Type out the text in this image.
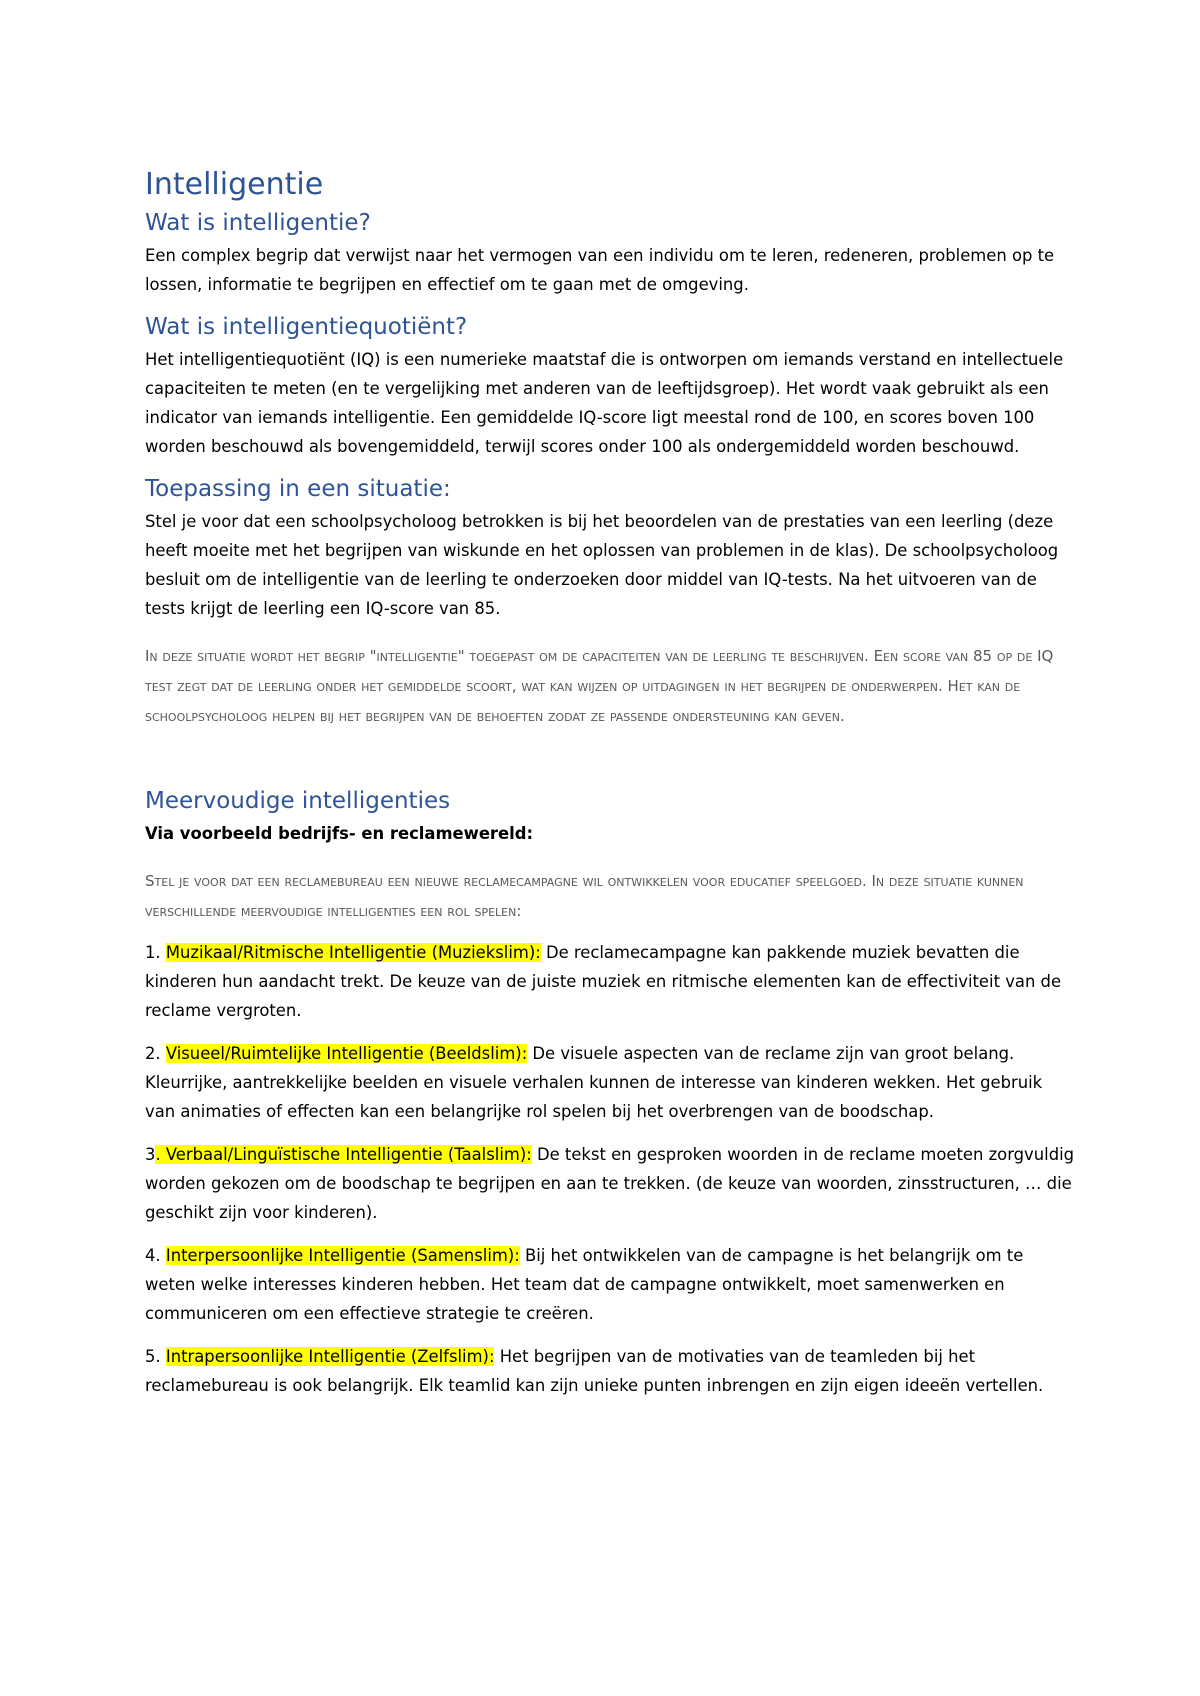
Intelligentie
Wat is intelligentie?

Een complex begrip dat verwijst naar het vermogen van een individu om te leren, redeneren, problemen op te lossen, informatie te begrijpen en effectief om te gaan met de omgeving.

Wat is intelligentiequotiënt?

Het intelligentiequotiënt (IQ) is een numerieke maatstaf die is ontworpen om iemands verstand en intellectuele capaciteiten te meten (en te vergelijking met anderen van de leeftijdsgroep). Het wordt vaak gebruikt als een indicator van iemands intelligentie. Een gemiddelde IQ-score ligt meestal rond de 100, en scores boven 100 worden beschouwd als bovengemiddeld, terwijl scores onder 100 als ondergemiddeld worden beschouwd.

Toepassing in een situatie:

Stel je voor dat een schoolpsycholoog betrokken is bij het beoordelen van de prestaties van een leerling (deze heeft moeite met het begrijpen van wiskunde en het oplossen van problemen in de klas). De schoolpsycholoog besluit om de intelligentie van de leerling te onderzoeken door middel van IQ-tests. Na het uitvoeren van de tests krijgt de leerling een IQ-score van 85.

In deze situatie wordt het begrip "intelligentie" toegepast om de capaciteiten van de leerling te beschrijven. Een score van 85 op de IQ test zegt dat de leerling onder het gemiddelde scoort, wat kan wijzen op uitdagingen in het begrijpen de onderwerpen. Het kan de schoolpsycholoog helpen bij het begrijpen van de behoeften zodat ze passende ondersteuning kan geven.

Meervoudige intelligenties

Via voorbeeld bedrijfs- en reclamewereld:

Stel je voor dat een reclamebureau een nieuwe reclamecampagne wil ontwikkelen voor educatief speelgoed. In deze situatie kunnen verschillende meervoudige intelligenties een rol spelen:

1. Muzikaal/Ritmische Intelligentie (Muziekslim): De reclamecampagne kan pakkende muziek bevatten die kinderen hun aandacht trekt. De keuze van de juiste muziek en ritmische elementen kan de effectiviteit van de reclame vergroten.

2. Visueel/Ruimtelijke Intelligentie (Beeldslim): De visuele aspecten van de reclame zijn van groot belang. Kleurrijke, aantrekkelijke beelden en visuele verhalen kunnen de interesse van kinderen wekken. Het gebruik van animaties of effecten kan een belangrijke rol spelen bij het overbrengen van de boodschap.

3. Verbaal/Linguïstische Intelligentie (Taalslim): De tekst en gesproken woorden in de reclame moeten zorgvuldig worden gekozen om de boodschap te begrijpen en aan te trekken. (de keuze van woorden, zinsstructuren, … die geschikt zijn voor kinderen).

4. Interpersoonlijke Intelligentie (Samenslim): Bij het ontwikkelen van de campagne is het belangrijk om te weten welke interesses kinderen hebben. Het team dat de campagne ontwikkelt, moet samenwerken en communiceren om een effectieve strategie te creëren.

5. Intrapersoonlijke Intelligentie (Zelfslim): Het begrijpen van de motivaties van de teamleden bij het reclamebureau is ook belangrijk. Elk teamlid kan zijn unieke punten inbrengen en zijn eigen ideeën vertellen.
